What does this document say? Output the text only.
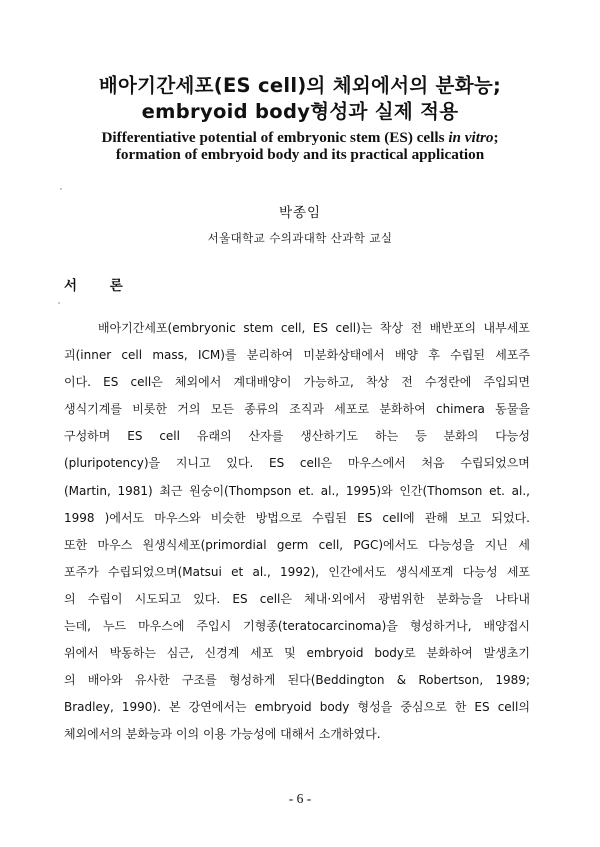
배아기간세포(ES cell)의 체외에서의 분화능;
embryoid body형성과 실제 적용
Differentiative potential of embryonic stem (ES) cells in vitro;
formation of embryoid body and its practical application
박종임
서울대학교 수의과대학 산과학 교실
서 론
배아기간세포(embryonic stem cell, ES cell)는 착상 전 배반포의 내부세포
괴(inner cell mass, ICM)를 분리하여 미분화상태에서 배양 후 수립된 세포주
이다. ES cell은 체외에서 계대배양이 가능하고, 착상 전 수정란에 주입되면
생식기계를 비롯한 거의 모든 종류의 조직과 세포로 분화하여 chimera 동물을
구성하며 ES cell 유래의 산자를 생산하기도 하는 등 분화의 다능성
(pluripotency)을 지니고 있다. ES cell은 마우스에서 처음 수립되었으며
(Martin, 1981) 최근 원숭이(Thompson et. al., 1995)와 인간(Thomson et. al.,
1998 )에서도 마우스와 비슷한 방법으로 수립된 ES cell에 관해 보고 되었다.
또한 마우스 원생식세포(primordial germ cell, PGC)에서도 다능성을 지닌 세
포주가 수립되었으며(Matsui et al., 1992), 인간에서도 생식세포계 다능성 세포
의 수립이 시도되고 있다. ES cell은 체내·외에서 광범위한 분화능을 나타내
는데, 누드 마우스에 주입시 기형종(teratocarcinoma)을 형성하거나, 배양접시
위에서 박동하는 심근, 신경계 세포 및 embryoid body로 분화하여 발생초기
의 배아와 유사한 구조를 형성하게 된다(Beddington & Robertson, 1989;
Bradley, 1990). 본 강연에서는 embryoid body 형성을 중심으로 한 ES cell의
체외에서의 분화능과 이의 이용 가능성에 대해서 소개하였다.
- 6 -
